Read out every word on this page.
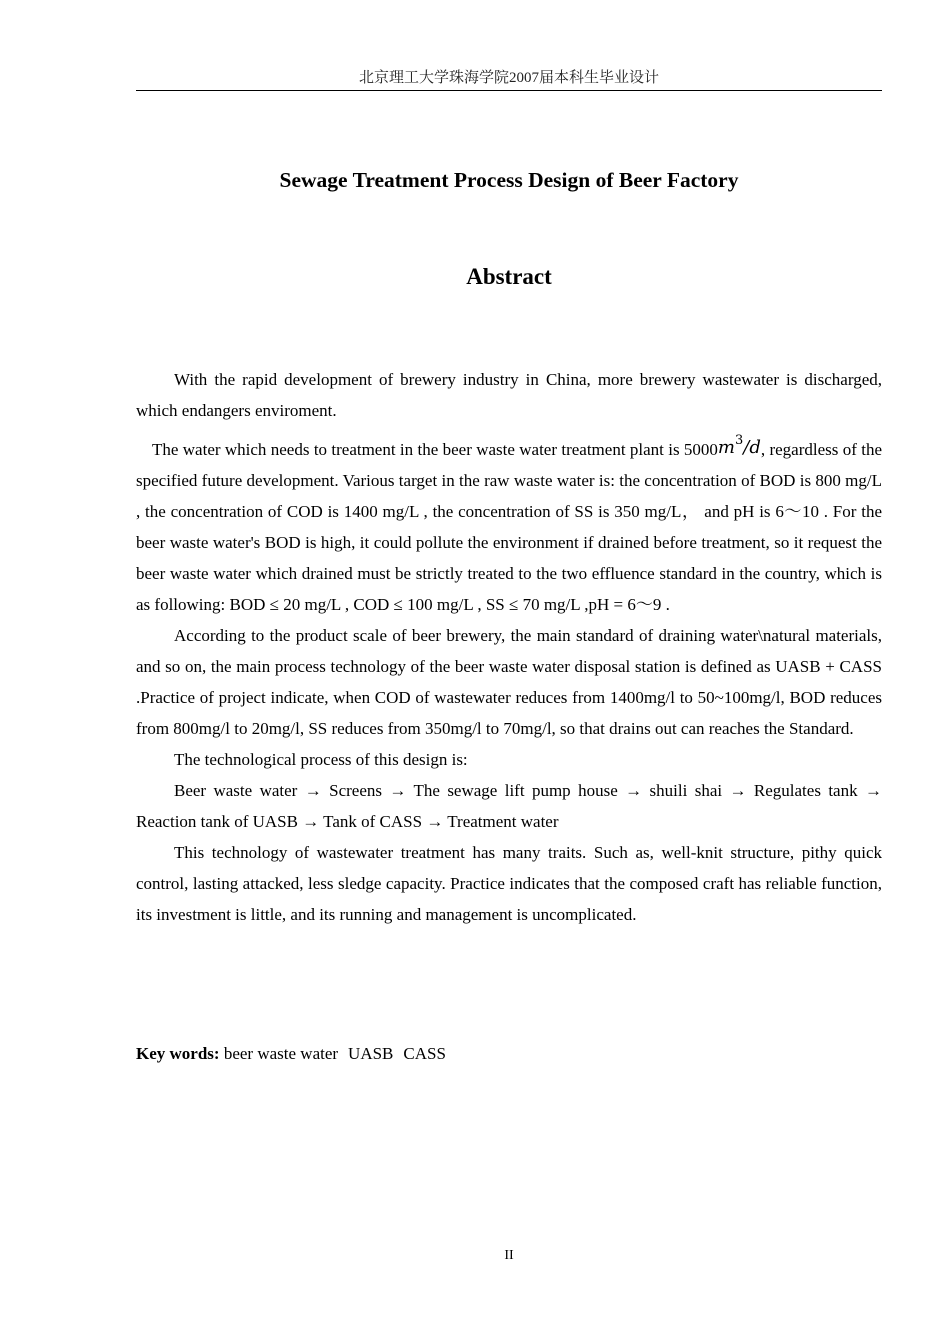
北京理工大学珠海学院2007届本科生毕业设计
Sewage Treatment Process Design of Beer Factory
Abstract

With the rapid development of brewery industry in China, more brewery wastewater is discharged, which endangers enviroment.

The water which needs to treatment in the beer waste water treatment plant is $5000m^3/d$, regardless of the specified future development. Various target in the raw waste water is: the concentration of BOD is 800 mg/L , the concentration of COD is 1400 mg/L , the concentration of SS is 350 mg/L， and pH is 6～10 . For the beer waste water's BOD is high, it could pollute the environment if drained before treatment, so it request the beer waste water which drained must be strictly treated to the two effluence standard in the country, which is as following: BOD ≤ 20 mg/L , COD ≤ 100 mg/L , SS ≤ 70 mg/L ,pH = 6～9 .

According to the product scale of beer brewery, the main standard of draining water\natural materials, and so on, the main process technology of the beer waste water disposal station is defined as UASB + CASS .Practice of project indicate, when COD of wastewater reduces from 1400mg/l to 50~100mg/l, BOD reduces from 800mg/l to 20mg/l, SS reduces from 350mg/l to 70mg/l, so that drains out can reaches the Standard.

The technological process of this design is:

Beer waste water → Screens → The sewage lift pump house → shuili shai → Regulates tank → Reaction tank of UASB → Tank of CASS → Treatment water

This technology of wastewater treatment has many traits. Such as, well-knit structure, pithy quick control, lasting attacked, less sledge capacity. Practice indicates that the composed craft has reliable function, its investment is little, and its running and management is uncomplicated.

Key words: beer waste water UASB CASS
II
